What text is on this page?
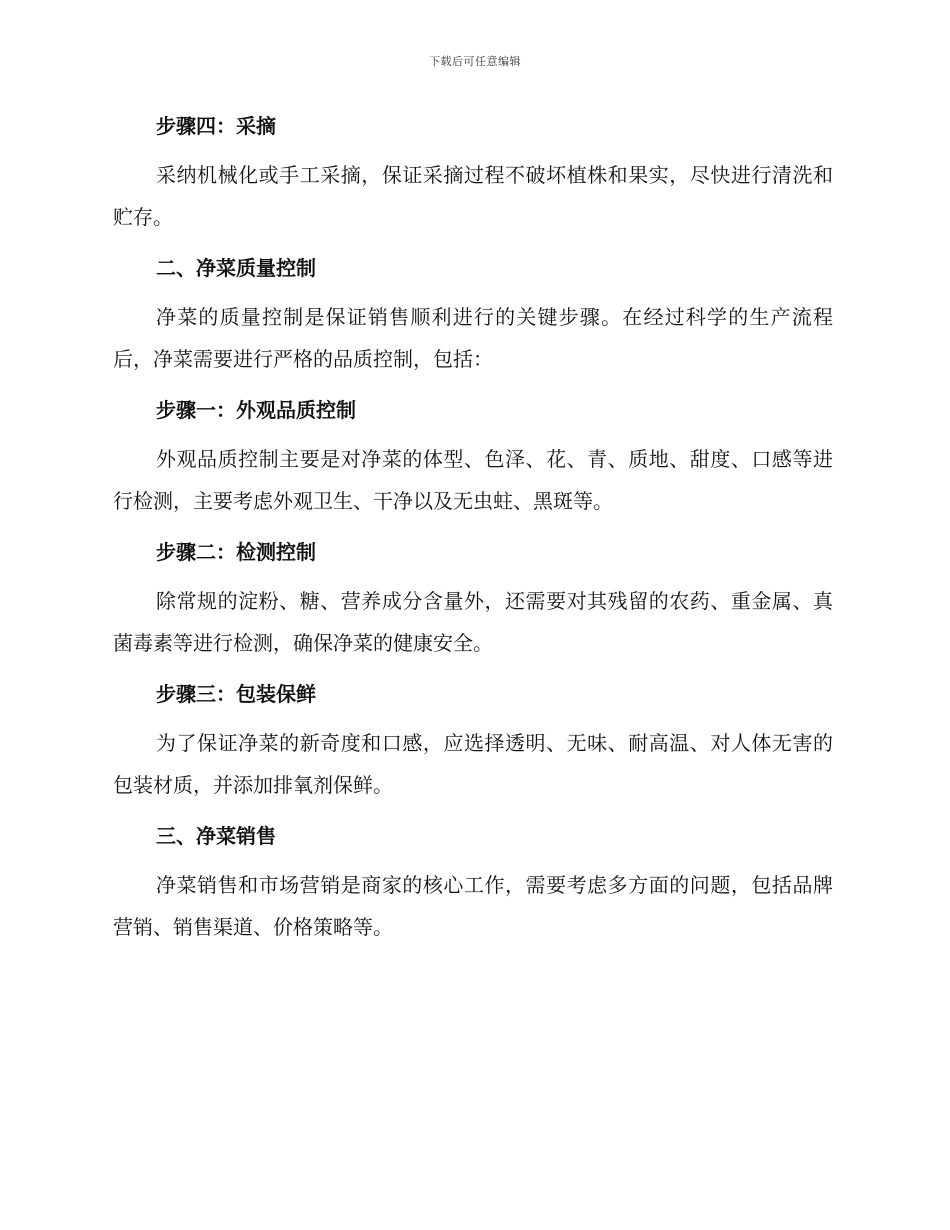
下载后可任意编辑
步骤四：采摘

采纳机械化或手工采摘，保证采摘过程不破坏植株和果实，尽快进行清洗和贮存。

二、净菜质量控制

净菜的质量控制是保证销售顺利进行的关键步骤。在经过科学的生产流程后，净菜需要进行严格的品质控制，包括：

步骤一：外观品质控制

外观品质控制主要是对净菜的体型、色泽、花、青、质地、甜度、口感等进行检测，主要考虑外观卫生、干净以及无虫蛀、黑斑等。

步骤二：检测控制

除常规的淀粉、糖、营养成分含量外，还需要对其残留的农药、重金属、真菌毒素等进行检测，确保净菜的健康安全。

步骤三：包装保鲜

为了保证净菜的新奇度和口感，应选择透明、无味、耐高温、对人体无害的包装材质，并添加排氧剂保鲜。

三、净菜销售

净菜销售和市场营销是商家的核心工作，需要考虑多方面的问题，包括品牌营销、销售渠道、价格策略等。
